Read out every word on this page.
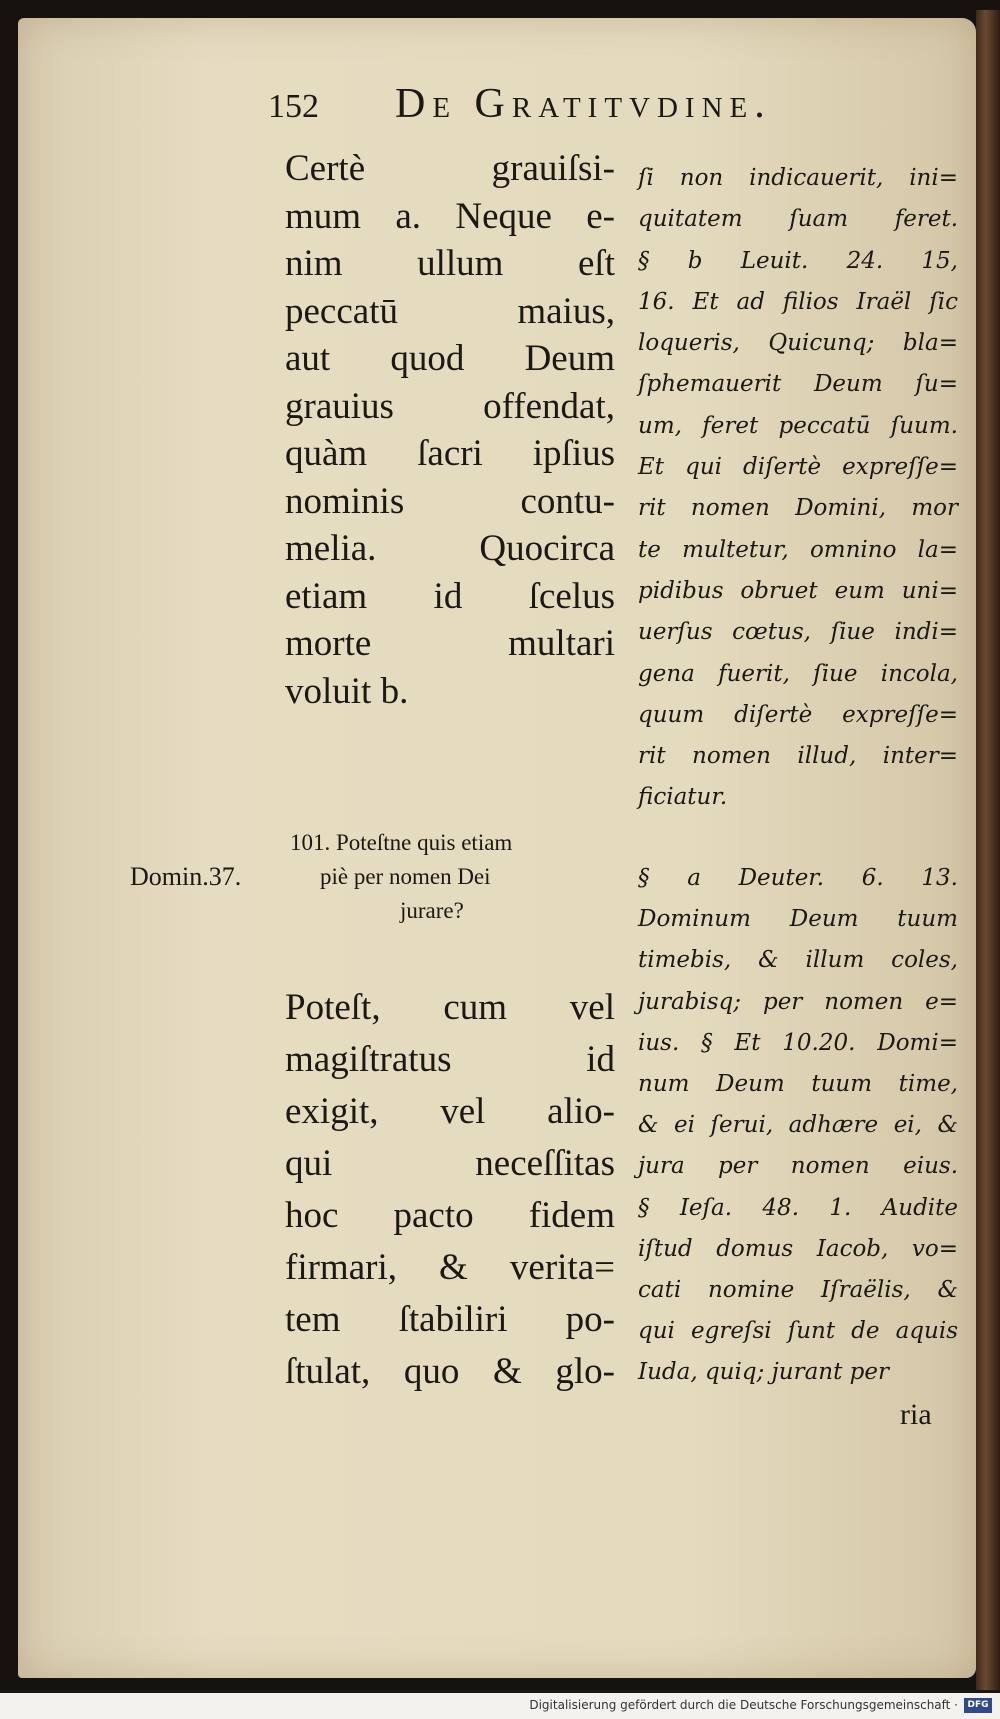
152 De Gratitvdine.
Certè grauiſsi-
mum a. Neque e-
nim ullum eſt
peccatū maius,
aut quod Deum
grauius offendat,
quàm ſacri ipſius
nominis contu-
melia. Quocirca
etiam id ſcelus
morte multari
voluit b.
ſi non indicauerit, ini=
quitatem ſuam feret.
§ b Leuit. 24. 15,
16. Et ad filios Iraël ſic
loqueris, Quicunq; bla=
ſphemauerit Deum ſu=
um, feret peccatū ſuum.
Et qui diſertè expreſſe=
rit nomen Domini, mor
te multetur, omnino la=
pidibus obruet eum uni=
uerſus cœtus, ſiue indi=
gena fuerit, ſiue incola,
quum diſertè expreſſe=
rit nomen illud, inter=
ficiatur.
101. Poteſtne quis etiam
piè per nomen Dei
jurare?
Domin.37.
Poteſt, cum vel
magiſtratus id
exigit, vel alio-
qui neceſſitas
hoc pacto fidem
firmari, & verita=
tem ſtabiliri po-
ſtulat, quo & glo-
§ a Deuter. 6. 13.
Dominum Deum tuum
timebis, & illum coles,
jurabisq; per nomen e=
ius. § Et 10.20. Domi=
num Deum tuum time,
& ei ſerui, adhære ei, &
jura per nomen eius.
§ Ieſa. 48. 1. Audite
iſtud domus Iacob, vo=
cati nomine Iſraëlis, &
qui egreſsi ſunt de aquis
Iuda, quiq; jurant per
ria
Digitalisierung gefördert durch die Deutsche Forschungsgemeinschaft ·	DFG
